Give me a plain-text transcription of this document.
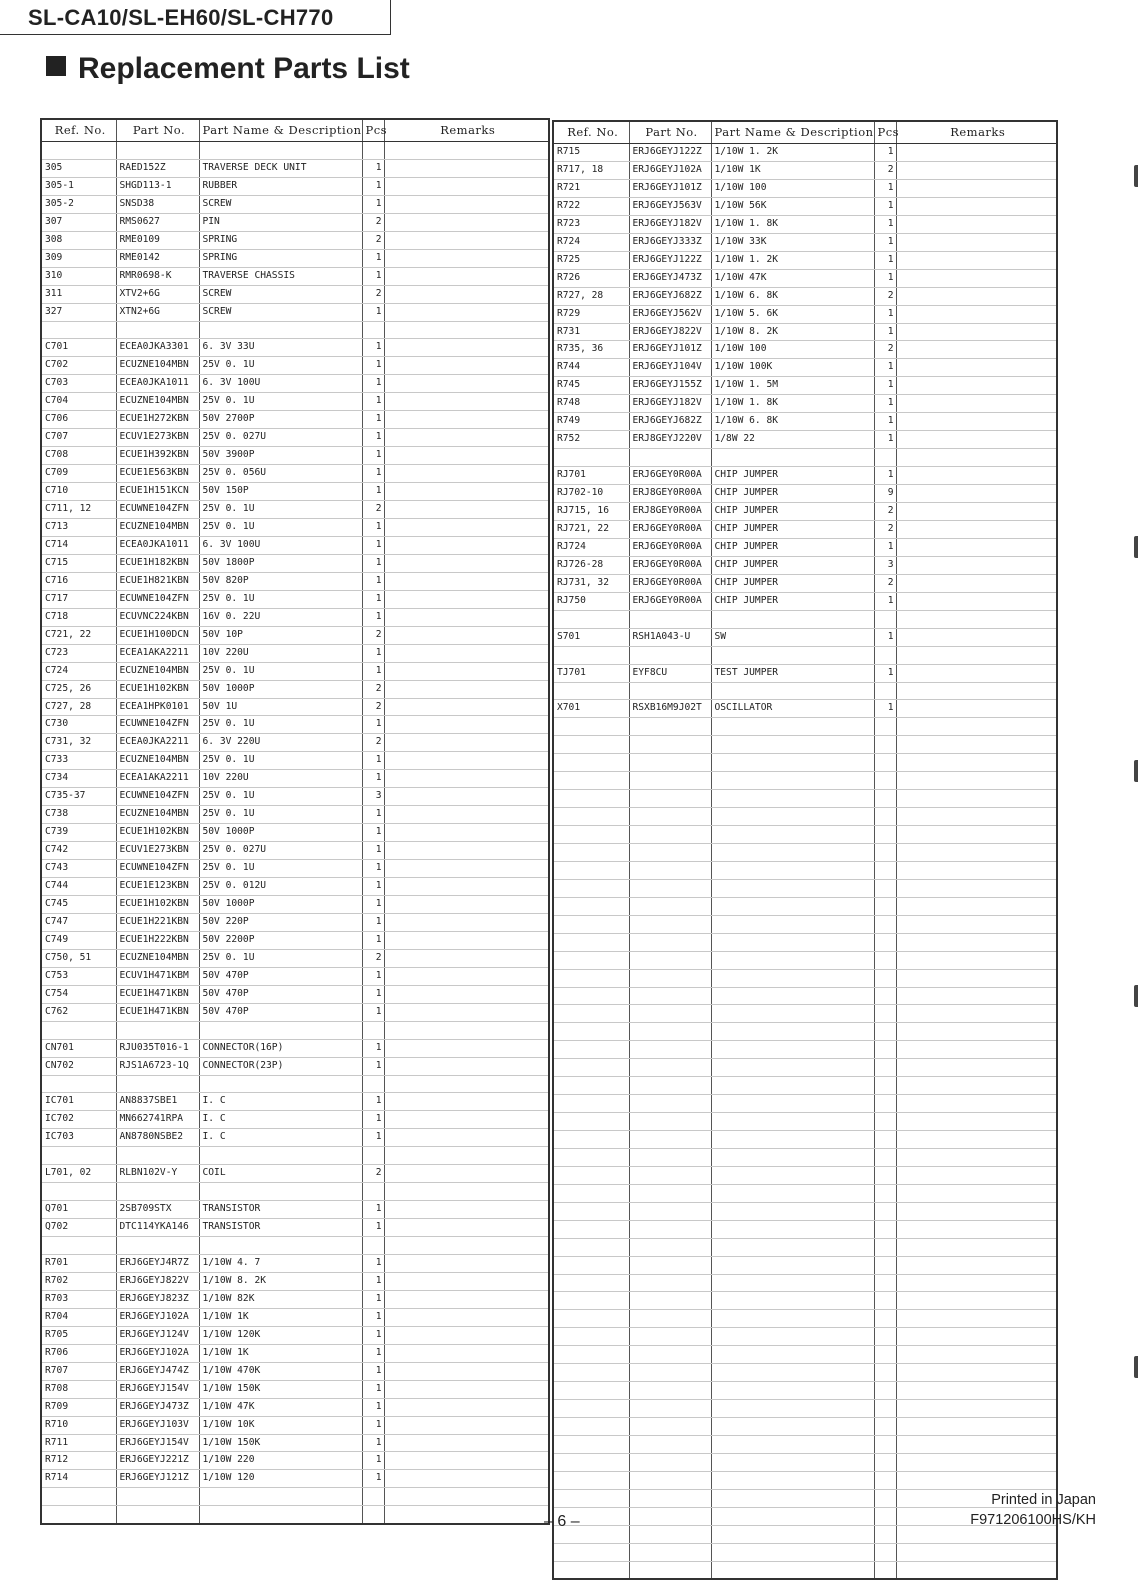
SL-CA10/SL-EH60/SL-CH770
Replacement Parts List
Ref. No.	Part No.	Part Name & Description	Pcs	Remarks

305	RAED152Z	TRAVERSE DECK UNIT	1	
305-1	SHGD113-1	RUBBER	1	
305-2	SNSD38	SCREW	1	
307	RMS0627	PIN	2	
308	RME0109	SPRING	2	
309	RME0142	SPRING	1	
310	RMR0698-K	TRAVERSE CHASSIS	1	
311	XTV2+6G	SCREW	2	
327	XTN2+6G	SCREW	1	

C701	ECEA0JKA3301	6. 3V 33U	1	
C702	ECUZNE104MBN	25V 0. 1U	1	
C703	ECEA0JKA1011	6. 3V 100U	1	
C704	ECUZNE104MBN	25V 0. 1U	1	
C706	ECUE1H272KBN	50V 2700P	1	
C707	ECUV1E273KBN	25V 0. 027U	1	
C708	ECUE1H392KBN	50V 3900P	1	
C709	ECUE1E563KBN	25V 0. 056U	1	
C710	ECUE1H151KCN	50V 150P	1	
C711, 12	ECUWNE104ZFN	25V 0. 1U	2	
C713	ECUZNE104MBN	25V 0. 1U	1	
C714	ECEA0JKA1011	6. 3V 100U	1	
C715	ECUE1H182KBN	50V 1800P	1	
C716	ECUE1H821KBN	50V 820P	1	
C717	ECUWNE104ZFN	25V 0. 1U	1	
C718	ECUVNC224KBN	16V 0. 22U	1	
C721, 22	ECUE1H100DCN	50V 10P	2	
C723	ECEA1AKA2211	10V 220U	1	
C724	ECUZNE104MBN	25V 0. 1U	1	
C725, 26	ECUE1H102KBN	50V 1000P	2	
C727, 28	ECEA1HPK0101	50V 1U	2	
C730	ECUWNE104ZFN	25V 0. 1U	1	
C731, 32	ECEA0JKA2211	6. 3V 220U	2	
C733	ECUZNE104MBN	25V 0. 1U	1	
C734	ECEA1AKA2211	10V 220U	1	
C735-37	ECUWNE104ZFN	25V 0. 1U	3	
C738	ECUZNE104MBN	25V 0. 1U	1	
C739	ECUE1H102KBN	50V 1000P	1	
C742	ECUV1E273KBN	25V 0. 027U	1	
C743	ECUWNE104ZFN	25V 0. 1U	1	
C744	ECUE1E123KBN	25V 0. 012U	1	
C745	ECUE1H102KBN	50V 1000P	1	
C747	ECUE1H221KBN	50V 220P	1	
C749	ECUE1H222KBN	50V 2200P	1	
C750, 51	ECUZNE104MBN	25V 0. 1U	2	
C753	ECUV1H471KBM	50V 470P	1	
C754	ECUE1H471KBN	50V 470P	1	
C762	ECUE1H471KBN	50V 470P	1	

CN701	RJU035T016-1	CONNECTOR(16P)	1	
CN702	RJS1A6723-1Q	CONNECTOR(23P)	1	

IC701	AN8837SBE1	I. C	1	
IC702	MN662741RPA	I. C	1	
IC703	AN8780NSBE2	I. C	1	

L701, 02	RLBN102V-Y	COIL	2	

Q701	2SB709STX	TRANSISTOR	1	
Q702	DTC114YKA146	TRANSISTOR	1	

R701	ERJ6GEYJ4R7Z	1/10W 4. 7	1	
R702	ERJ6GEYJ822V	1/10W 8. 2K	1	
R703	ERJ6GEYJ823Z	1/10W 82K	1	
R704	ERJ6GEYJ102A	1/10W 1K	1	
R705	ERJ6GEYJ124V	1/10W 120K	1	
R706	ERJ6GEYJ102A	1/10W 1K	1	
R707	ERJ6GEYJ474Z	1/10W 470K	1	
R708	ERJ6GEYJ154V	1/10W 150K	1	
R709	ERJ6GEYJ473Z	1/10W 47K	1	
R710	ERJ6GEYJ103V	1/10W 10K	1	
R711	ERJ6GEYJ154V	1/10W 150K	1	
R712	ERJ6GEYJ221Z	1/10W 220	1	
R714	ERJ6GEYJ121Z	1/10W 120	1	

Ref. No.	Part No.	Part Name & Description	Pcs	Remarks
R715	ERJ6GEYJ122Z	1/10W 1. 2K	1	
R717, 18	ERJ6GEYJ102A	1/10W 1K	2	
R721	ERJ6GEYJ101Z	1/10W 100	1	
R722	ERJ6GEYJ563V	1/10W 56K	1	
R723	ERJ6GEYJ182V	1/10W 1. 8K	1	
R724	ERJ6GEYJ333Z	1/10W 33K	1	
R725	ERJ6GEYJ122Z	1/10W 1. 2K	1	
R726	ERJ6GEYJ473Z	1/10W 47K	1	
R727, 28	ERJ6GEYJ682Z	1/10W 6. 8K	2	
R729	ERJ6GEYJ562V	1/10W 5. 6K	1	
R731	ERJ6GEYJ822V	1/10W 8. 2K	1	
R735, 36	ERJ6GEYJ101Z	1/10W 100	2	
R744	ERJ6GEYJ104V	1/10W 100K	1	
R745	ERJ6GEYJ155Z	1/10W 1. 5M	1	
R748	ERJ6GEYJ182V	1/10W 1. 8K	1	
R749	ERJ6GEYJ682Z	1/10W 6. 8K	1	
R752	ERJ8GEYJ220V	1/8W 22	1	

RJ701	ERJ6GEY0R00A	CHIP JUMPER	1	
RJ702-10	ERJ8GEY0R00A	CHIP JUMPER	9	
RJ715, 16	ERJ8GEY0R00A	CHIP JUMPER	2	
RJ721, 22	ERJ6GEY0R00A	CHIP JUMPER	2	
RJ724	ERJ6GEY0R00A	CHIP JUMPER	1	
RJ726-28	ERJ6GEY0R00A	CHIP JUMPER	3	
RJ731, 32	ERJ6GEY0R00A	CHIP JUMPER	2	
RJ750	ERJ6GEY0R00A	CHIP JUMPER	1	

S701	RSH1A043-U	SW	1	

TJ701	EYF8CU	TEST JUMPER	1	

X701	RSXB16M9J02T	OSCILLATOR	1	

– 6 –
Printed in Japan
F971206100HS/KH
